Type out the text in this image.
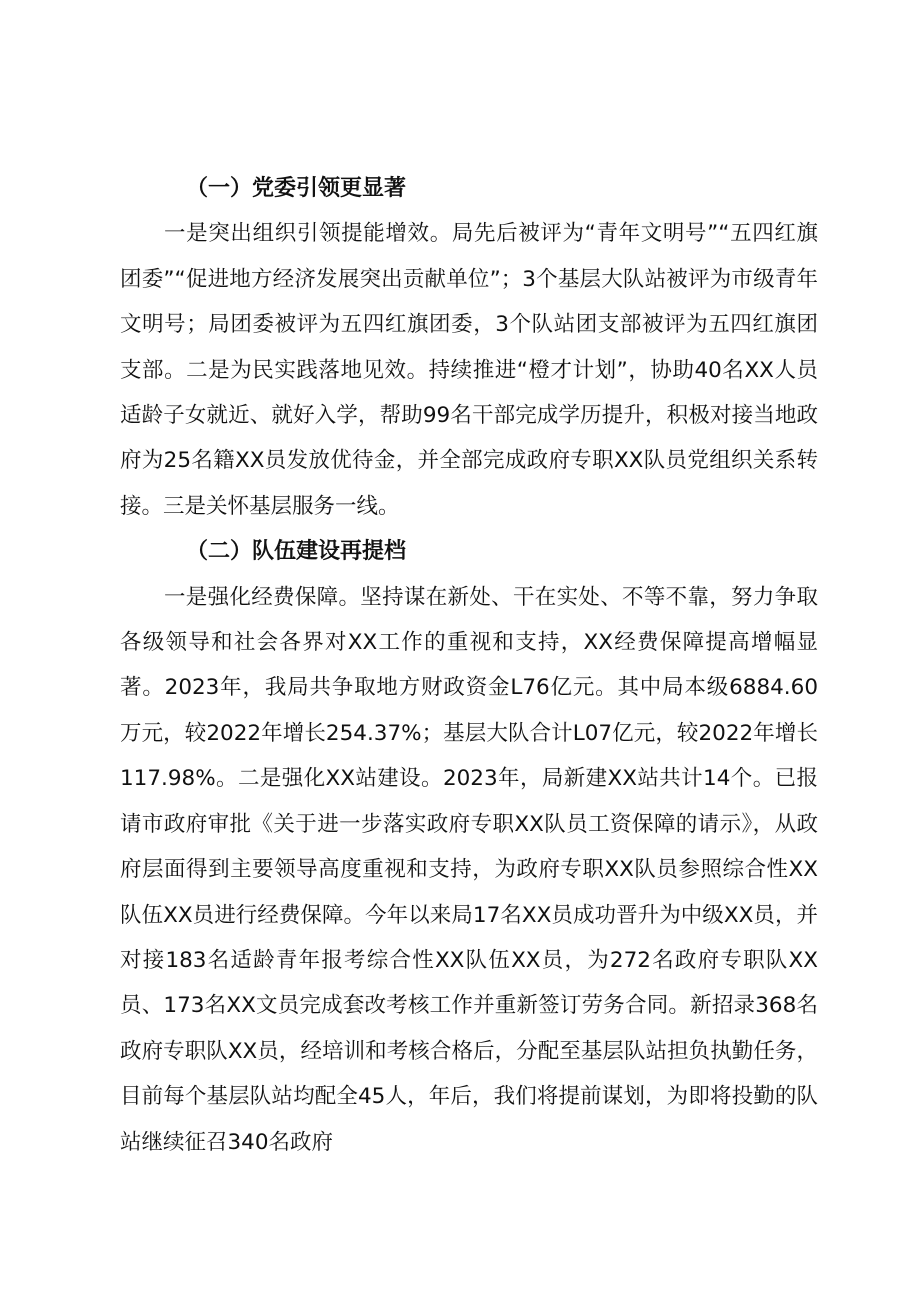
（一）党委引领更显著

一是突出组织引领提能增效。局先后被评为“青年文明号”“五四红旗团委”“促进地方经济发展突出贡献单位”；3个基层大队站被评为市级青年文明号；局团委被评为五四红旗团委，3个队站团支部被评为五四红旗团支部。二是为民实践落地见效。持续推进“橙才计划”，协助40名XX人员适龄子女就近、就好入学，帮助99名干部完成学历提升，积极对接当地政府为25名籍XX员发放优待金，并全部完成政府专职XX队员党组织关系转接。三是关怀基层服务一线。

（二）队伍建设再提档

一是强化经费保障。坚持谋在新处、干在实处、不等不靠，努力争取各级领导和社会各界对XX工作的重视和支持，XX经费保障提高增幅显著。2023年，我局共争取地方财政资金L76亿元。其中局本级6884.60万元，较2022年增长254.37%；基层大队合计L07亿元，较2022年增长117.98%。二是强化XX站建设。2023年，局新建XX站共计14个。已报请市政府审批《关于进一步落实政府专职XX队员工资保障的请示》，从政府层面得到主要领导高度重视和支持，为政府专职XX队员参照综合性XX队伍XX员进行经费保障。今年以来局17名XX员成功晋升为中级XX员，并对接183名适龄青年报考综合性XX队伍XX员，为272名政府专职队XX员、173名XX文员完成套改考核工作并重新签订劳务合同。新招录368名政府专职队XX员，经培训和考核合格后，分配至基层队站担负执勤任务，目前每个基层队站均配全45人，年后，我们将提前谋划，为即将投勤的队站继续征召340名政府
